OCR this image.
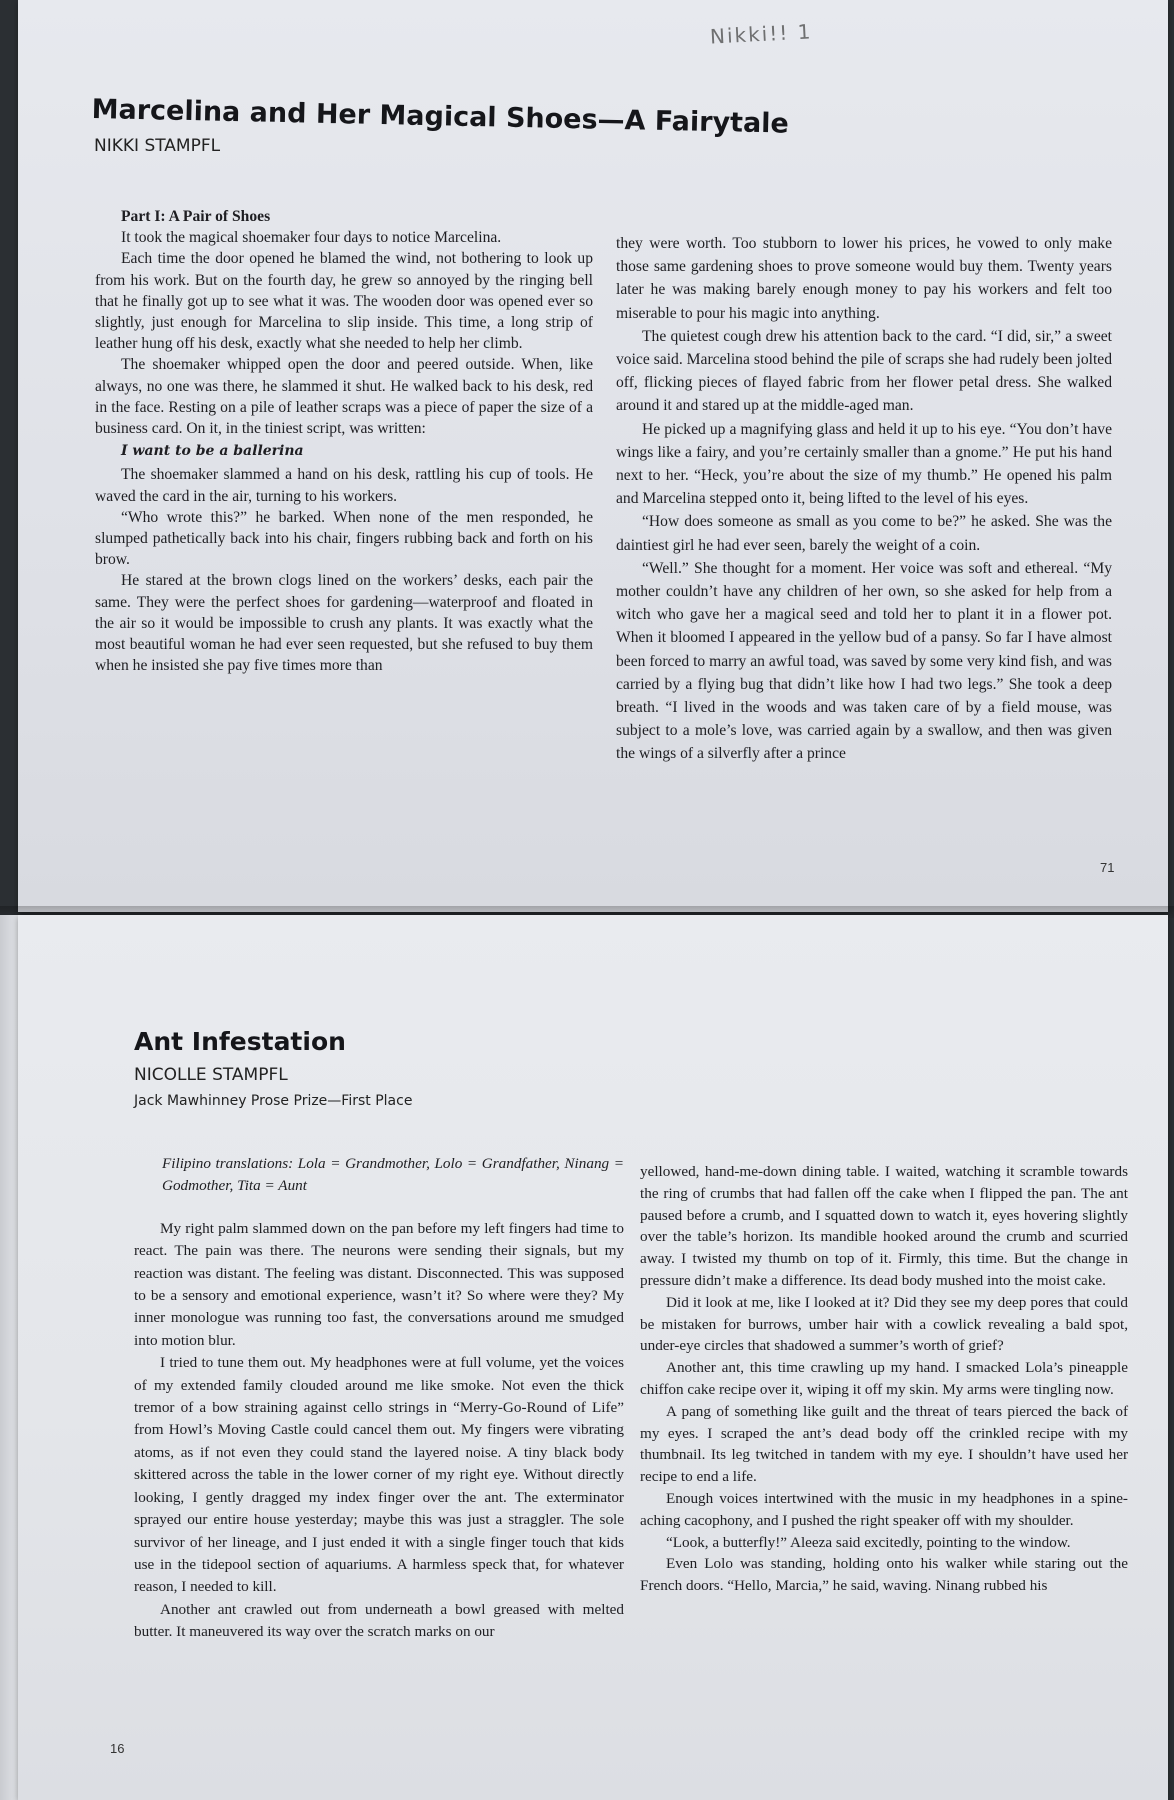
Nikki!! 1
Marcelina and Her Magical Shoes—A Fairytale
NIKKI STAMPFL

Part I: A Pair of Shoes

It took the magical shoemaker four days to notice Marcelina.

Each time the door opened he blamed the wind, not bothering to look up from his work. But on the fourth day, he grew so annoyed by the ringing bell that he finally got up to see what it was. The wooden door was opened ever so slightly, just enough for Marcelina to slip inside. This time, a long strip of leather hung off his desk, exactly what she needed to help her climb.

The shoemaker whipped open the door and peered outside. When, like always, no one was there, he slammed it shut. He walked back to his desk, red in the face. Resting on a pile of leather scraps was a piece of paper the size of a business card. On it, in the tiniest script, was written:

I want to be a ballerina

The shoemaker slammed a hand on his desk, rattling his cup of tools. He waved the card in the air, turning to his workers.

“Who wrote this?” he barked. When none of the men responded, he slumped pathetically back into his chair, fingers rubbing back and forth on his brow.

He stared at the brown clogs lined on the workers’ desks, each pair the same. They were the perfect shoes for gardening—waterproof and floated in the air so it would be impossible to crush any plants. It was exactly what the most beautiful woman he had ever seen requested, but she refused to buy them when he insisted she pay five times more than

they were worth. Too stubborn to lower his prices, he vowed to only make those same gardening shoes to prove someone would buy them. Twenty years later he was making barely enough money to pay his workers and felt too miserable to pour his magic into anything.

The quietest cough drew his attention back to the card. “I did, sir,” a sweet voice said. Marcelina stood behind the pile of scraps she had rudely been jolted off, flicking pieces of flayed fabric from her flower petal dress. She walked around it and stared up at the middle-aged man.

He picked up a magnifying glass and held it up to his eye. “You don’t have wings like a fairy, and you’re certainly smaller than a gnome.” He put his hand next to her. “Heck, you’re about the size of my thumb.” He opened his palm and Marcelina stepped onto it, being lifted to the level of his eyes.

“How does someone as small as you come to be?” he asked. She was the daintiest girl he had ever seen, barely the weight of a coin.

“Well.” She thought for a moment. Her voice was soft and ethereal. “My mother couldn’t have any children of her own, so she asked for help from a witch who gave her a magical seed and told her to plant it in a flower pot. When it bloomed I appeared in the yellow bud of a pansy. So far I have almost been forced to marry an awful toad, was saved by some very kind fish, and was carried by a flying bug that didn’t like how I had two legs.” She took a deep breath. “I lived in the woods and was taken care of by a field mouse, was subject to a mole’s love, was carried again by a swallow, and then was given the wings of a silverfly after a prince

71
Ant Infestation
NICOLLE STAMPFL
Jack Mawhinney Prose Prize—First Place

Filipino translations: Lola = Grandmother, Lolo = Grandfather, Ninang = Godmother, Tita = Aunt

My right palm slammed down on the pan before my left fingers had time to react. The pain was there. The neurons were sending their signals, but my reaction was distant. The feeling was distant. Disconnected. This was supposed to be a sensory and emotional experience, wasn’t it? So where were they? My inner monologue was running too fast, the conversations around me smudged into motion blur.

I tried to tune them out. My headphones were at full volume, yet the voices of my extended family clouded around me like smoke. Not even the thick tremor of a bow straining against cello strings in “Merry-Go-Round of Life” from Howl’s Moving Castle could cancel them out. My fingers were vibrating atoms, as if not even they could stand the layered noise. A tiny black body skittered across the table in the lower corner of my right eye. Without directly looking, I gently dragged my index finger over the ant. The exterminator sprayed our entire house yesterday; maybe this was just a straggler. The sole survivor of her lineage, and I just ended it with a single finger touch that kids use in the tidepool section of aquariums. A harmless speck that, for whatever reason, I needed to kill.

Another ant crawled out from underneath a bowl greased with melted butter. It maneuvered its way over the scratch marks on our

yellowed, hand-me-down dining table. I waited, watching it scramble towards the ring of crumbs that had fallen off the cake when I flipped the pan. The ant paused before a crumb, and I squatted down to watch it, eyes hovering slightly over the table’s horizon. Its mandible hooked around the crumb and scurried away. I twisted my thumb on top of it. Firmly, this time. But the change in pressure didn’t make a difference. Its dead body mushed into the moist cake.

Did it look at me, like I looked at it? Did they see my deep pores that could be mistaken for burrows, umber hair with a cowlick revealing a bald spot, under-eye circles that shadowed a summer’s worth of grief?

Another ant, this time crawling up my hand. I smacked Lola’s pineapple chiffon cake recipe over it, wiping it off my skin. My arms were tingling now.

A pang of something like guilt and the threat of tears pierced the back of my eyes. I scraped the ant’s dead body off the crinkled recipe with my thumbnail. Its leg twitched in tandem with my eye. I shouldn’t have used her recipe to end a life.

Enough voices intertwined with the music in my headphones in a spine-aching cacophony, and I pushed the right speaker off with my shoulder.

“Look, a butterfly!” Aleeza said excitedly, pointing to the window.

Even Lolo was standing, holding onto his walker while staring out the French doors. “Hello, Marcia,” he said, waving. Ninang rubbed his

16
